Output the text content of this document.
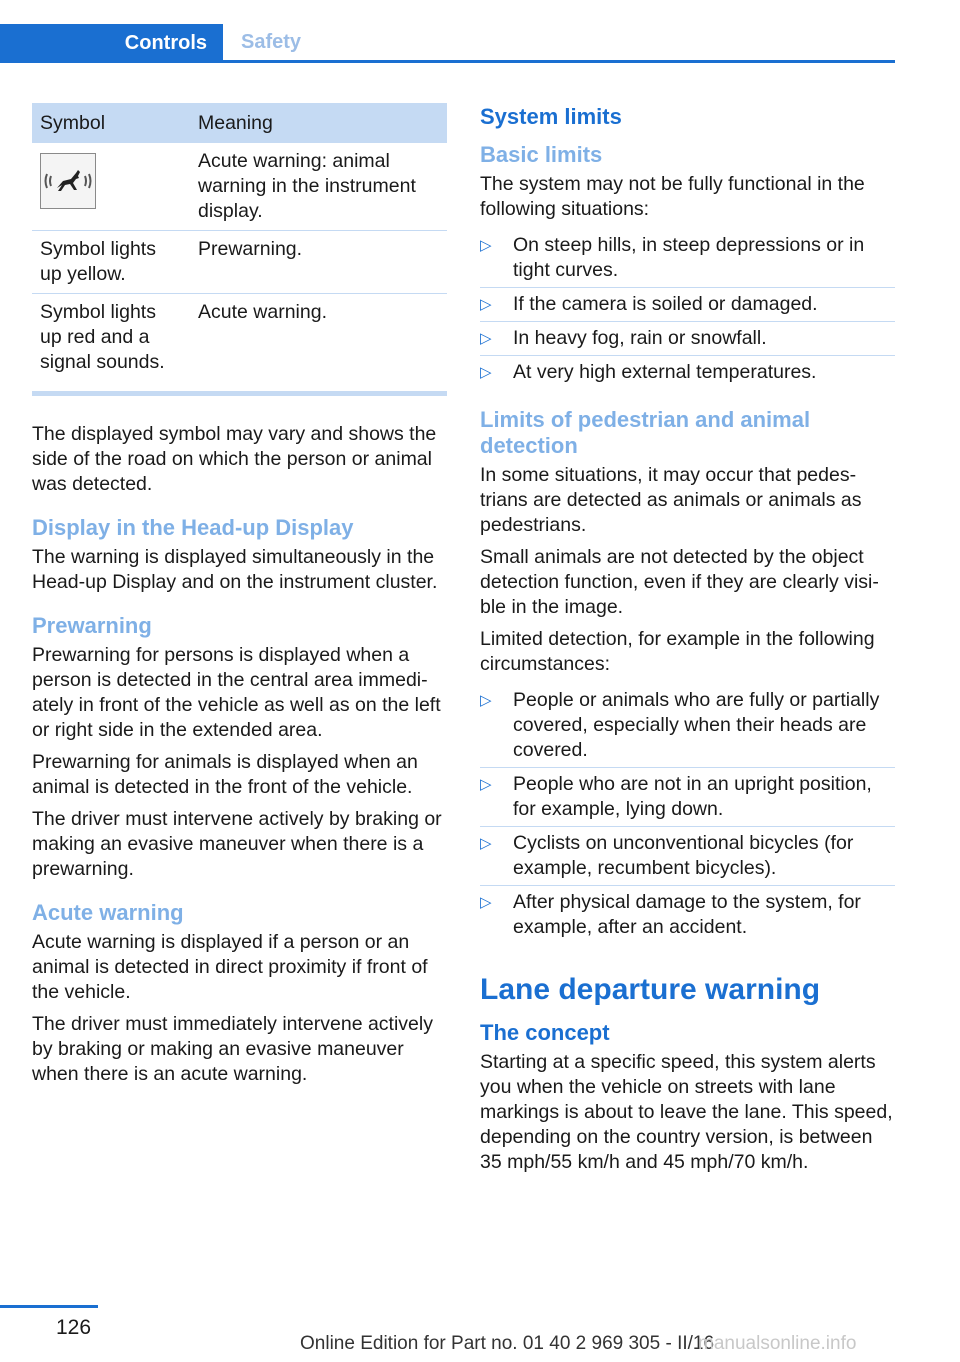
Controls	Safety
Symbol	Meaning

	Acute warning: animal warning in the instrument display.
Symbol lights up yellow.	Prewarning.
Symbol lights up red and a signal sounds.	Acute warning.

The displayed symbol may vary and shows the side of the road on which the person or animal was detected.

Display in the Head-up Display

The warning is displayed simultaneously in the Head-up Display and on the instrument cluster.

Prewarning

Prewarning for persons is displayed when a person is detected in the central area immediately in front of the vehicle as well as on the left or right side in the extended area.

Prewarning for animals is displayed when an animal is detected in the front of the vehicle.

The driver must intervene actively by braking or making an evasive maneuver when there is a prewarning.

Acute warning

Acute warning is displayed if a person or an animal is detected in direct proximity if front of the vehicle.

The driver must immediately intervene actively by braking or making an evasive maneuver when there is an acute warning.

System limits
Basic limits

The system may not be fully functional in the following situations:

▷ On steep hills, in steep depressions or in tight curves.
▷ If the camera is soiled or damaged.
▷ In heavy fog, rain or snowfall.
▷ At very high external temperatures.
Limits of pedestrian and animal detection

In some situations, it may occur that pedestrians are detected as animals or animals as pedestrians.

Small animals are not detected by the object detection function, even if they are clearly visible in the image.

Limited detection, for example in the following circumstances:

▷ People or animals who are fully or partially covered, especially when their heads are covered.
▷ People who are not in an upright position, for example, lying down.
▷ Cyclists on unconventional bicycles (for example, recumbent bicycles).
▷ After physical damage to the system, for example, after an accident.
Lane departure warning
The concept

Starting at a specific speed, this system alerts you when the vehicle on streets with lane markings is about to leave the lane. This speed, depending on the country version, is between 35 mph/55 km/h and 45 mph/70 km/h.

126
Online Edition for Part no. 01 40 2 969 305 - II/16
manualsonline.info
